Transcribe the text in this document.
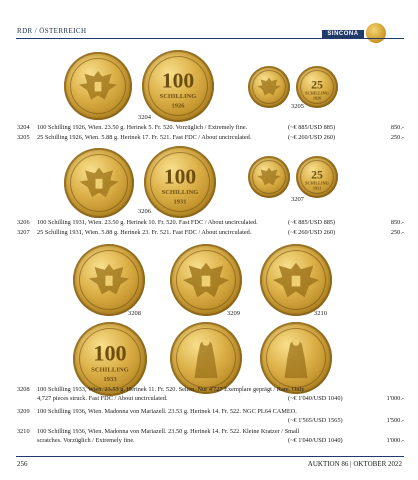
RDR / ÖSTERREICH	SINCONA
100
SCHILLING
1926
3204
25
SCHILLING
1926
3205
3204 100 Schilling 1926, Wien. 23.50 g. Herinek 5. Fr. 520. Vorzüglich / Extremely fine.	(~€ 885/USD 885)	850.-
3205 25 Schilling 1926, Wien. 5.88 g. Herinek 17. Fr. 521. Fast FDC / About uncirculated.	(~€ 260/USD 260)	250.-
100
SCHILLING
1931
3206
25
SCHILLING
1931
3207
3206 100 Schilling 1931, Wien. 23.50 g. Herinek 10. Fr. 520. Fast FDC / About uncirculated.	(~€ 885/USD 885)	850.-
3207 25 Schilling 1931, Wien. 5.88 g. Herinek 23. Fr. 521. Fast FDC / About uncirculated.	(~€ 260/USD 260)	250.-
3208
100
SCHILLING
1933
3209	3210
3208 100 Schilling 1933, Wien. 23.53 g. Herinek 11. Fr. 520. Selten. Nur 4'727 Exemplare geprägt / Rare. Only
4,727 pieces struck. Fast FDC / About uncirculated.	(~€ 1'040/USD 1040)	1'000.-
3209 100 Schilling 1936, Wien. Madonna von Mariazell. 23.53 g. Herinek 14. Fr. 522. NGC PL64 CAMEO.
(~€ 1'565/USD 1565)	1'500.-
3210 100 Schilling 1936, Wien. Madonna von Mariazell. 23.50 g. Herinek 14. Fr. 522. Kleine Kratzer / Small
scratches. Vorzüglich / Extremely fine.	(~€ 1'040/USD 1040)	1'000.-
256	AUKTION 86 | OKTOBER 2022
